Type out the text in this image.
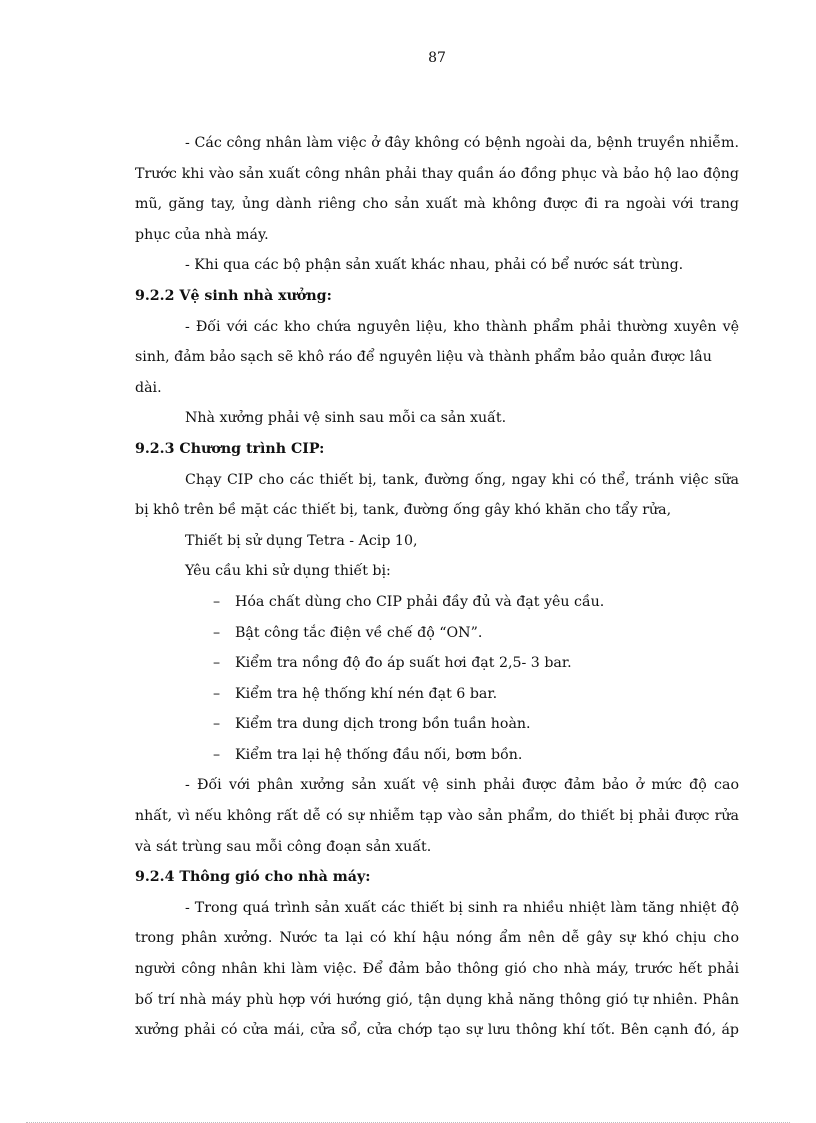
87

- Các công nhân làm việc ở đây không có bệnh ngoài da, bệnh truyền nhiễm.

Trước khi vào sản xuất công nhân phải thay quần áo đồng phục và bảo hộ lao động

mũ, găng tay, ủng dành riêng cho sản xuất mà không được đi ra ngoài với trang

phục của nhà máy.

- Khi qua các bộ phận sản xuất khác nhau, phải có bể nước sát trùng.

9.2.2 Vệ sinh nhà xưởng:

- Đối với các kho chứa nguyên liệu, kho thành phẩm phải thường xuyên vệ

sinh, đảm bảo sạch sẽ khô ráo để nguyên liệu và thành phẩm bảo quản được lâu dài.

Nhà xưởng phải vệ sinh sau mỗi ca sản xuất.

9.2.3 Chương trình CIP:

Chạy CIP cho các thiết bị, tank, đường ống, ngay khi có thể, tránh việc sữa

bị khô trên bề mặt các thiết bị, tank, đường ống gây khó khăn cho tẩy rửa,

Thiết bị sử dụng Tetra - Acip 10,

Yêu cầu khi sử dụng thiết bị:

– Hóa chất dùng cho CIP phải đầy đủ và đạt yêu cầu.
– Bật công tắc điện về chế độ “ON”.
– Kiểm tra nồng độ đo áp suất hơi đạt 2,5- 3 bar.
– Kiểm tra hệ thống khí nén đạt 6 bar.
– Kiểm tra dung dịch trong bồn tuần hoàn.
– Kiểm tra lại hệ thống đầu nối, bơm bồn.

- Đối với phân xưởng sản xuất vệ sinh phải được đảm bảo ở mức độ cao

nhất, vì nếu không rất dễ có sự nhiễm tạp vào sản phẩm, do thiết bị phải được rửa

và sát trùng sau mỗi công đoạn sản xuất.

9.2.4 Thông gió cho nhà máy:

- Trong quá trình sản xuất các thiết bị sinh ra nhiều nhiệt làm tăng nhiệt độ

trong phân xưởng. Nước ta lại có khí hậu nóng ẩm nên dễ gây sự khó chịu cho

người công nhân khi làm việc. Để đảm bảo thông gió cho nhà máy, trước hết phải

bố trí nhà máy phù hợp với hướng gió, tận dụng khả năng thông gió tự nhiên. Phân

xưởng phải có cửa mái, cửa sổ, cửa chớp tạo sự lưu thông khí tốt. Bên cạnh đó, áp
